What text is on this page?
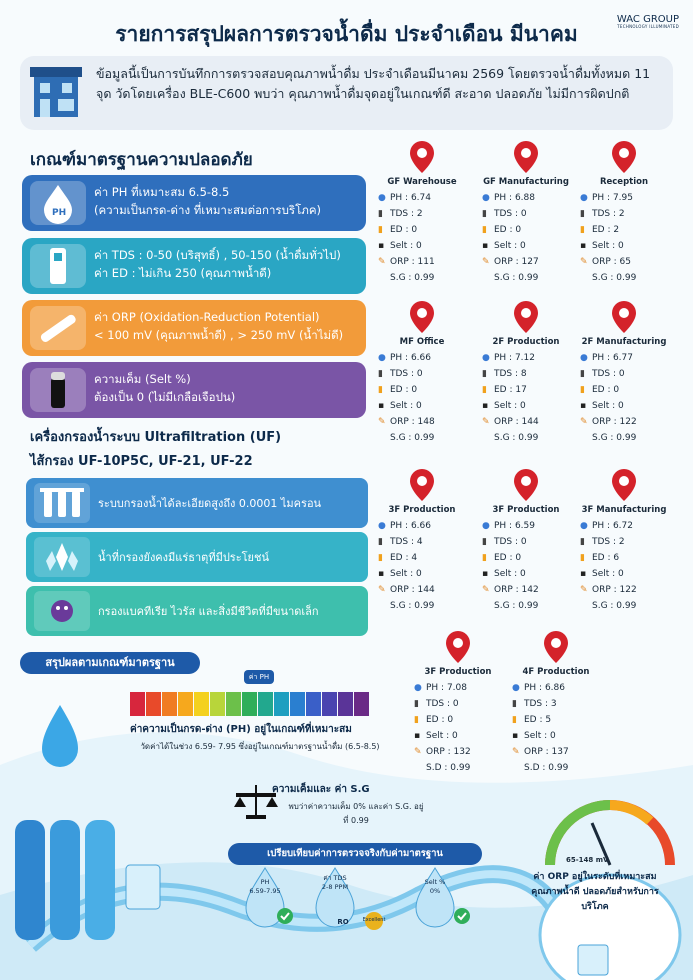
รายการสรุปผลการตรวจน้ำดื่ม ประจำเดือน มีนาคม
WAC GROUP
TECHNOLOGY ILLUMINATED
ข้อมูลนี้เป็นการบันทึกการตรวจสอบคุณภาพน้ำดื่ม ประจำเดือนมีนาคม 2569 โดยตรวจน้ำดื่มทั้งหมด 11 จุด วัดโดยเครื่อง BLE-C600 พบว่า คุณภาพน้ำดื่มจุดอยู่ในเกณฑ์ดี สะอาด ปลอดภัย ไม่มีการผิดปกติ
เกณฑ์มาตรฐานความปลอดภัย
PH
ค่า PH ที่เหมาะสม 6.5-8.5
(ความเป็นกรด-ด่าง ที่เหมาะสมต่อการบริโภค)
ค่า TDS : 0-50 (บริสุทธิ์) , 50-150 (น้ำดื่มทั่วไป)
ค่า ED : ไม่เกิน 250 (คุณภาพน้ำดี)
ค่า ORP (Oxidation-Reduction Potential)
< 100 mV (คุณภาพน้ำดี) , > 250 mV (น้ำไม่ดี)
ความเค็ม (Selt %)
ต้องเป็น 0 (ไม่มีเกลือเจือปน)
เครื่องกรองน้ำระบบ Ultrafiltration (UF)
ไส้กรอง UF-10P5C, UF-21, UF-22
ระบบกรองน้ำได้ละเอียดสูงถึง 0.0001 ไมครอน
น้ำที่กรองยังคงมีแร่ธาตุที่มีประโยชน์
กรองแบคทีเรีย ไวรัส และสิ่งมีชีวิตที่มีขนาดเล็ก
GF Warehouse
● PH : 6.74
▮ TDS : 2
▮ ED : 0
▪ Selt : 0
✎ ORP : 111
S.G : 0.99
GF Manufacturing
● PH : 6.88
▮ TDS : 0
▮ ED : 0
▪ Selt : 0
✎ ORP : 127
S.G : 0.99
Reception
● PH : 7.95
▮ TDS : 2
▮ ED : 2
▪ Selt : 0
✎ ORP : 65
S.G : 0.99
MF Office
● PH : 6.66
▮ TDS : 0
▮ ED : 0
▪ Selt : 0
✎ ORP : 148
S.G : 0.99
2F Production
● PH : 7.12
▮ TDS : 8
▮ ED : 17
▪ Selt : 0
✎ ORP : 144
S.G : 0.99
2F Manufacturing
● PH : 6.77
▮ TDS : 0
▮ ED : 0
▪ Selt : 0
✎ ORP : 122
S.G : 0.99
3F Production
● PH : 6.66
▮ TDS : 4
▮ ED : 4
▪ Selt : 0
✎ ORP : 144
S.G : 0.99
3F Production
● PH : 6.59
▮ TDS : 0
▮ ED : 0
▪ Selt : 0
✎ ORP : 142
S.G : 0.99
3F Manufacturing
● PH : 6.72
▮ TDS : 2
▮ ED : 6
▪ Selt : 0
✎ ORP : 122
S.G : 0.99
3F Production
● PH : 7.08
▮ TDS : 0
▮ ED : 0
▪ Selt : 0
✎ ORP : 132
S.D : 0.99
4F Production
● PH : 6.86
▮ TDS : 3
▮ ED : 5
▪ Selt : 0
✎ ORP : 137
S.D : 0.99
สรุปผลตามเกณฑ์มาตรฐาน
ค่า PH
ค่าความเป็นกรด-ด่าง (PH) อยู่ในเกณฑ์ที่เหมาะสม
วัดค่าได้ในช่วง 6.59- 7.95 ซึ่งอยู่ในเกณฑ์มาตรฐานน้ำดื่ม (6.5-8.5)
ความเค็มและ ค่า S.G
พบว่าค่าความเค็ม 0% และค่า S.G. อยู่ที่ 0.99
เปรียบเทียบค่าการตรวจจริงกับค่ามาตรฐาน
PH
6.59-7.95
ค่า TDS
2-8 PPM
RO	Excellent
Selt %
0%
65-148 mV
ค่า ORP อยู่ในระดับที่เหมาะสม คุณภาพน้ำดี ปลอดภัยสำหรับการบริโภค
